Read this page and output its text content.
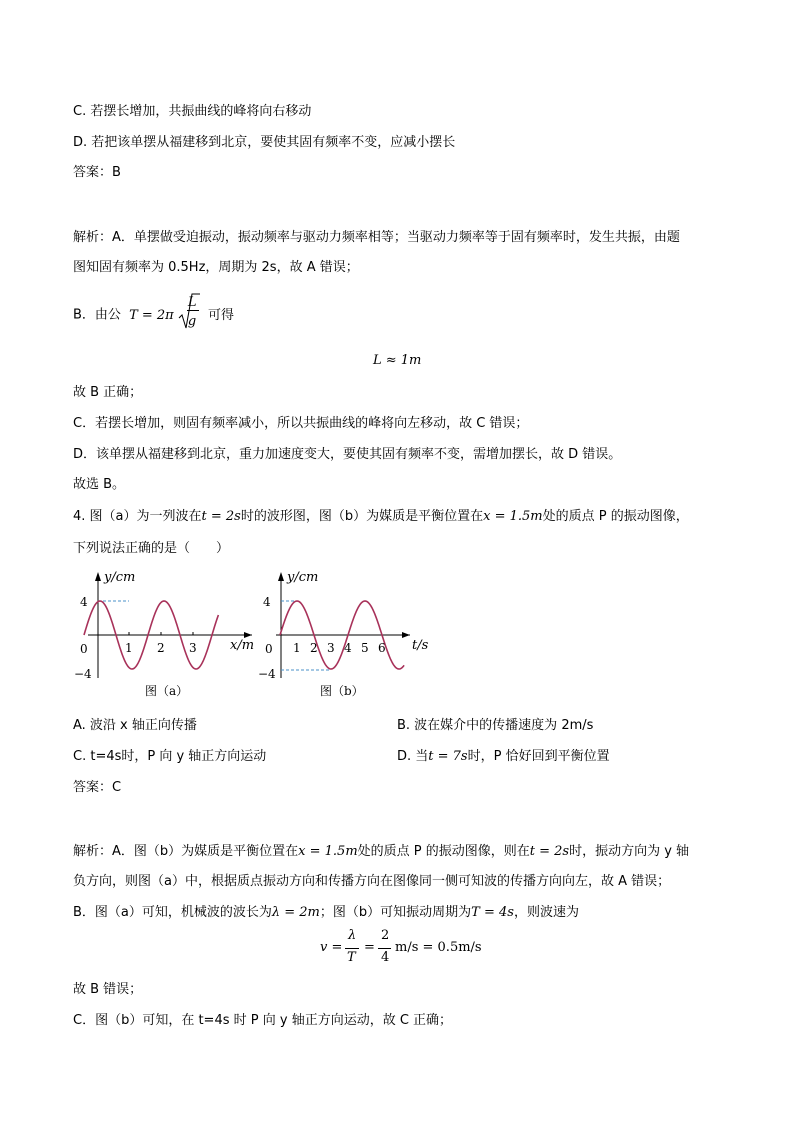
C. 若摆长增加，共振曲线的峰将向右移动
D. 若把该单摆从福建移到北京，要使其固有频率不变，应减小摆长
答案：B
解析：A．单摆做受迫振动，振动频率与驱动力频率相等；当驱动力频率等于固有频率时，发生共振，由题
图知固有频率为 0.5Hz，周期为 2s，故 A 错误；
B．由公 $T = 2\pi \frac{L}{g}$ 可得
L ≈ 1m
故 B 正确；
C．若摆长增加，则固有频率减小，所以共振曲线的峰将向左移动，故 C 错误；
D．该单摆从福建移到北京，重力加速度变大，要使其固有频率不变，需增加摆长，故 D 错误。
故选 B。
4. 图（a）为一列波在t = 2s时的波形图，图（b）为媒质是平衡位置在x = 1.5m处的质点 P 的振动图像，
下列说法正确的是（　　）
y/cm
x/m
4
−4
0	1 2 3
图（a）
y/cm
t/s
4
−4
0 1 2 3 4 5 6
图（b）
A. 波沿 x 轴正向传播	B. 波在媒介中的传播速度为 2m/s
C. t=4s时，P 向 y 轴正方向运动	D. 当t = 7s时，P 恰好回到平衡位置
答案：C
解析：A．图（b）为媒质是平衡位置在x = 1.5m处的质点 P 的振动图像，则在t = 2s时，振动方向为 y 轴
负方向，则图（a）中，根据质点振动方向和传播方向在图像同一侧可知波的传播方向向左，故 A 错误；
B．图（a）可知，机械波的波长为λ = 2m；图（b）可知振动周期为T = 4s，则波速为
v =
λ
T
=
2
4
m/s = 0.5m/s
故 B 错误；
C．图（b）可知，在 t=4s 时 P 向 y 轴正方向运动，故 C 正确；
